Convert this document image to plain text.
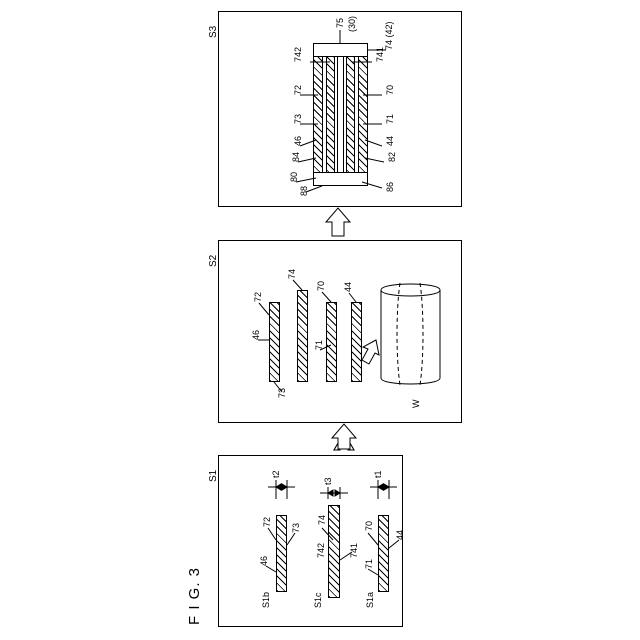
F I G. 3
S1
S2
S3
S1b	S1c	S1a
t2
t3
t1
72
73
46
74
742	741
70
71
44
72
74
70 44
46
71
73
W
75 (30)
742
74 (42)
741
72	70
84
73	71
46	44
80
82
88	86
